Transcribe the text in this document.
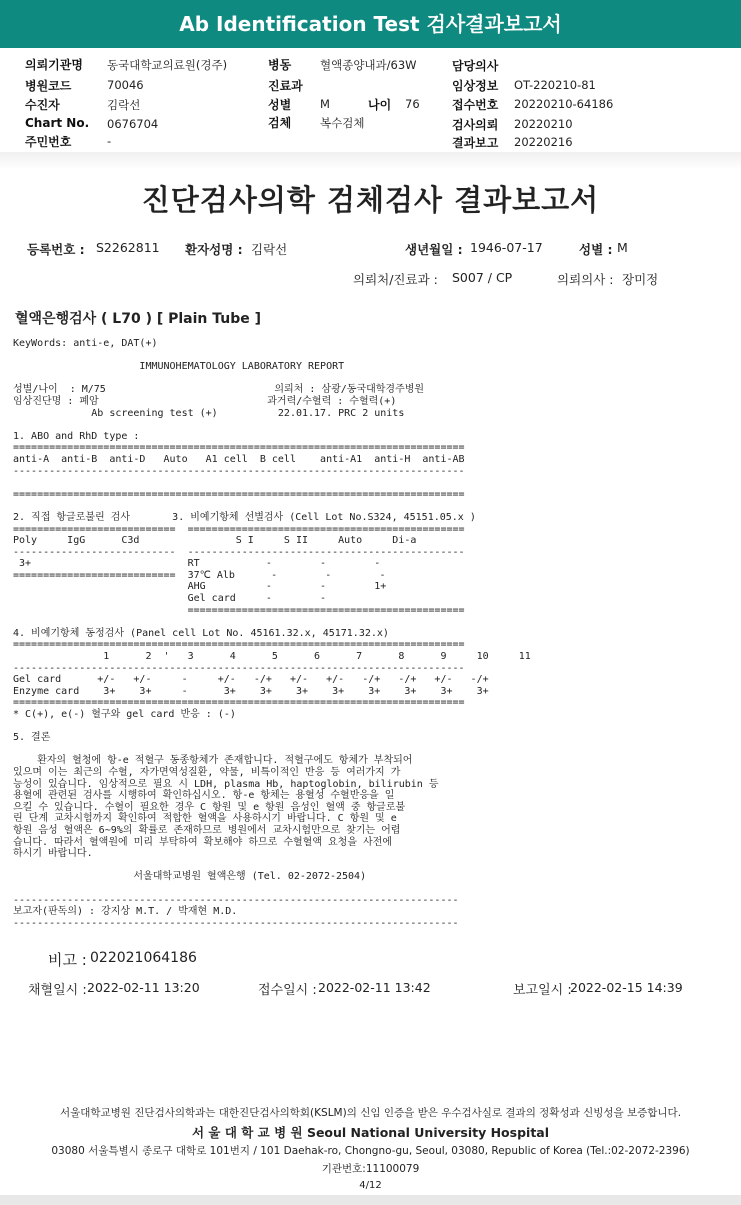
Ab Identification Test 검사결과보고서
의뢰기관명 동국대학교의료원(경주)
병원코드	70046
수진자	김락선
Chart No. 0676704
주민번호	-
병동	혈액종양내과/63W
진료과
성별	M	나이 76
검체	복수검체
담당의사
임상정보 OT-220210-81
접수번호 20220210-64186
검사의뢰 20220210
결과보고 20220216
진단검사의학 검체검사 결과보고서
등록번호 : S2262811 환자성명 : 김락선	생년월일 : 1946-07-17	성별 : M
의뢰처/진료과 : S007 / CP	의뢰의사 : 장미정
혈액은행검사 ( L70 ) [ Plain Tube ]
KeyWords: anti-e, DAT(+)

IMMUNOHEMATOLOGY LABORATORY REPORT

성별/나이  : M/75                            의뢰처 : 삼광/동국대학경주병원
임상진단명 : 폐암                            과거력/수혈력 : 수혈력(+)
Ab screening test (+)          22.01.17. PRC 2 units

1. ABO and RhD type :
===========================================================================
anti-A  anti-B  anti-D   Auto   A1 cell  B cell    anti-A1  anti-H  anti-AB
---------------------------------------------------------------------------

===========================================================================

2. 직접 항글로불린 검사       3. 비예기항체 선별검사 (Cell Lot No.S324, 45151.05.x )
===========================  ==============================================
Poly     IgG      C3d                S I     S II     Auto     Di-a
---------------------------  ----------------------------------------------
3+                          RT           -        -        -
===========================  37℃ Alb      -        -        -
AHG          -        -        1+
Gel card     -        -
==============================================

4. 비예기항체 동정검사 (Panel cell Lot No. 45161.32.x, 45171.32.x)
===========================================================================
1      2  '   3      4      5      6      7      8      9     10     11
---------------------------------------------------------------------------
Gel card      +/-   +/-     -     +/-   -/+   +/-   +/-   -/+   -/+   +/-   -/+
Enzyme card    3+    3+     -      3+    3+    3+    3+    3+    3+    3+    3+
===========================================================================
* C(+), e(-) 혈구와 gel card 반응 : (-)

5. 결론

환자의 혈청에 항-e 적혈구 동종항체가 존재합니다. 적혈구에도 항체가 부착되어
있으며 이는 최근의 수혈, 자가면역성질환, 약물, 비특이적인 반응 등 여러가지 가
능성이 있습니다. 임상적으로 필요 시 LDH, plasma Hb, haptoglobin, bilirubin 등
용혈에 관련된 검사를 시행하여 확인하십시오. 항-e 항체는 용혈성 수혈반응을 일
으킬 수 있습니다. 수혈이 필요한 경우 C 항원 및 e 항원 음성인 혈액 중 항글로불
린 단계 교차시험까지 확인하여 적합한 혈액을 사용하시기 바랍니다. C 항원 및 e
항원 음성 혈액은 6~9%의 확률로 존재하므로 병원에서 교차시험만으로 찾기는 어렵
습니다. 따라서 혈액원에 미리 부탁하여 확보해야 하므로 수혈혈액 요청을 사전에
하시기 바랍니다.

서울대학교병원 혈액은행 (Tel. 02-2072-2504)

--------------------------------------------------------------------------
보고자(판독의) : 강지상 M.T. / 박재현 M.D.
--------------------------------------------------------------------------
비고 : 022021064186
채혈일시 : 2022-02-11 13:20	접수일시 : 2022-02-11 13:42	보고일시 :
2022-02-15 14:39
서울대학교병원 진단검사의학과는 대한진단검사의학회(KSLM)의 신임 인증을 받은 우수검사실로 결과의 정확성과 신빙성을 보증합니다.
서 울 대 학 교 병 원 Seoul National University Hospital
03080 서울특별시 종로구 대학로 101번지 / 101 Daehak-ro, Chongno-gu, Seoul, 03080, Republic of Korea (Tel.:02-2072-2396)
기관번호:11100079
4/12
